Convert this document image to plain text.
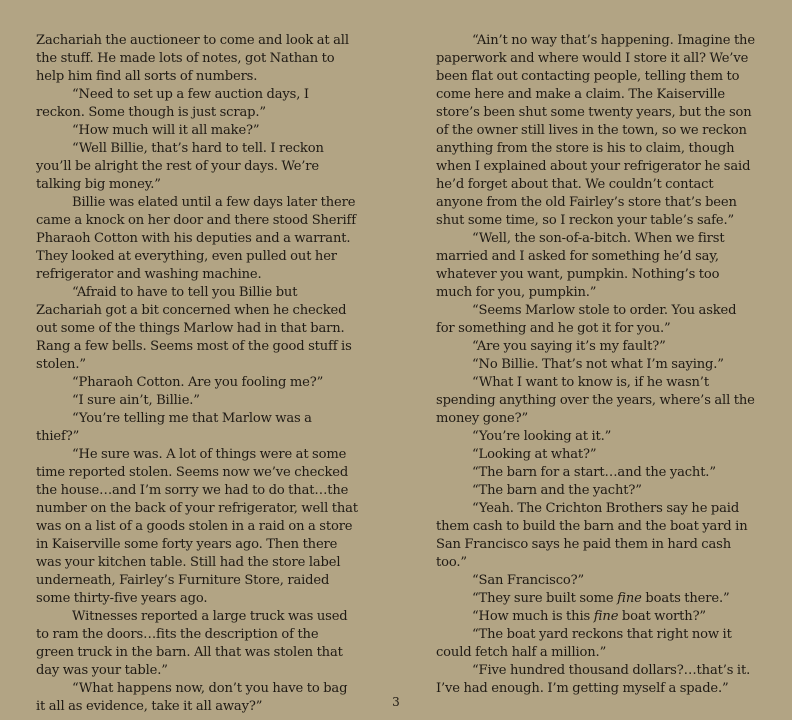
Zachariah the auctioneer to come and look at all the stuff. He made lots of notes, got Nathan to help him find all sorts of numbers.

“Need to set up a few auction days, I reckon. Some though is just scrap.”

“How much will it all make?”

“Well Billie, that’s hard to tell. I reckon you’ll be alright the rest of your days. We’re talking big money.”

Billie was elated until a few days later there came a knock on her door and there stood Sheriff Pharaoh Cotton with his deputies and a warrant. They looked at everything, even pulled out her refrigerator and washing machine.

“Afraid to have to tell you Billie but Zachariah got a bit concerned when he checked out some of the things Marlow had in that barn. Rang a few bells. Seems most of the good stuff is stolen.”

“Pharaoh Cotton. Are you fooling me?”

“I sure ain’t, Billie.”

“You’re telling me that Marlow was a thief?”

“He sure was. A lot of things were at some time reported stolen. Seems now we’ve checked the house…and I’m sorry we had to do that…the number on the back of your refrigerator, well that was on a list of a goods stolen in a raid on a store in Kaiserville some forty years ago. Then there was your kitchen table. Still had the store label underneath, Fairley’s Furniture Store, raided some thirty-five years ago.

Witnesses reported a large truck was used to ram the doors…fits the description of the green truck in the barn. All that was stolen that day was your table.”

“What happens now, don’t you have to bag it all as evidence, take it all away?”

“Ain’t no way that’s happening. Imagine the paperwork and where would I store it all? We’ve been flat out contacting people, telling them to come here and make a claim. The Kaiserville store’s been shut some twenty years, but the son of the owner still lives in the town, so we reckon anything from the store is his to claim, though when I explained about your refrigerator he said he’d forget about that. We couldn’t contact anyone from the old Fairley’s store that’s been shut some time, so I reckon your table’s safe.”

“Well, the son-of-a-bitch. When we first married and I asked for something he’d say, whatever you want, pumpkin. Nothing’s too much for you, pumpkin.”

“Seems Marlow stole to order. You asked for something and he got it for you.”

“Are you saying it’s my fault?”

“No Billie. That’s not what I’m saying.”

“What I want to know is, if he wasn’t spending anything over the years, where’s all the money gone?”

“You’re looking at it.”

“Looking at what?”

“The barn for a start…and the yacht.”

“The barn and the yacht?”

“Yeah. The Crichton Brothers say he paid them cash to build the barn and the boat yard in San Francisco says he paid them in hard cash too.”

“San Francisco?”

“They sure built some fine boats there.”

“How much is this fine boat worth?”

“The boat yard reckons that right now it could fetch half a million.”

“Five hundred thousand dollars?…that’s it. I’ve had enough. I’m getting myself a spade.”

3
